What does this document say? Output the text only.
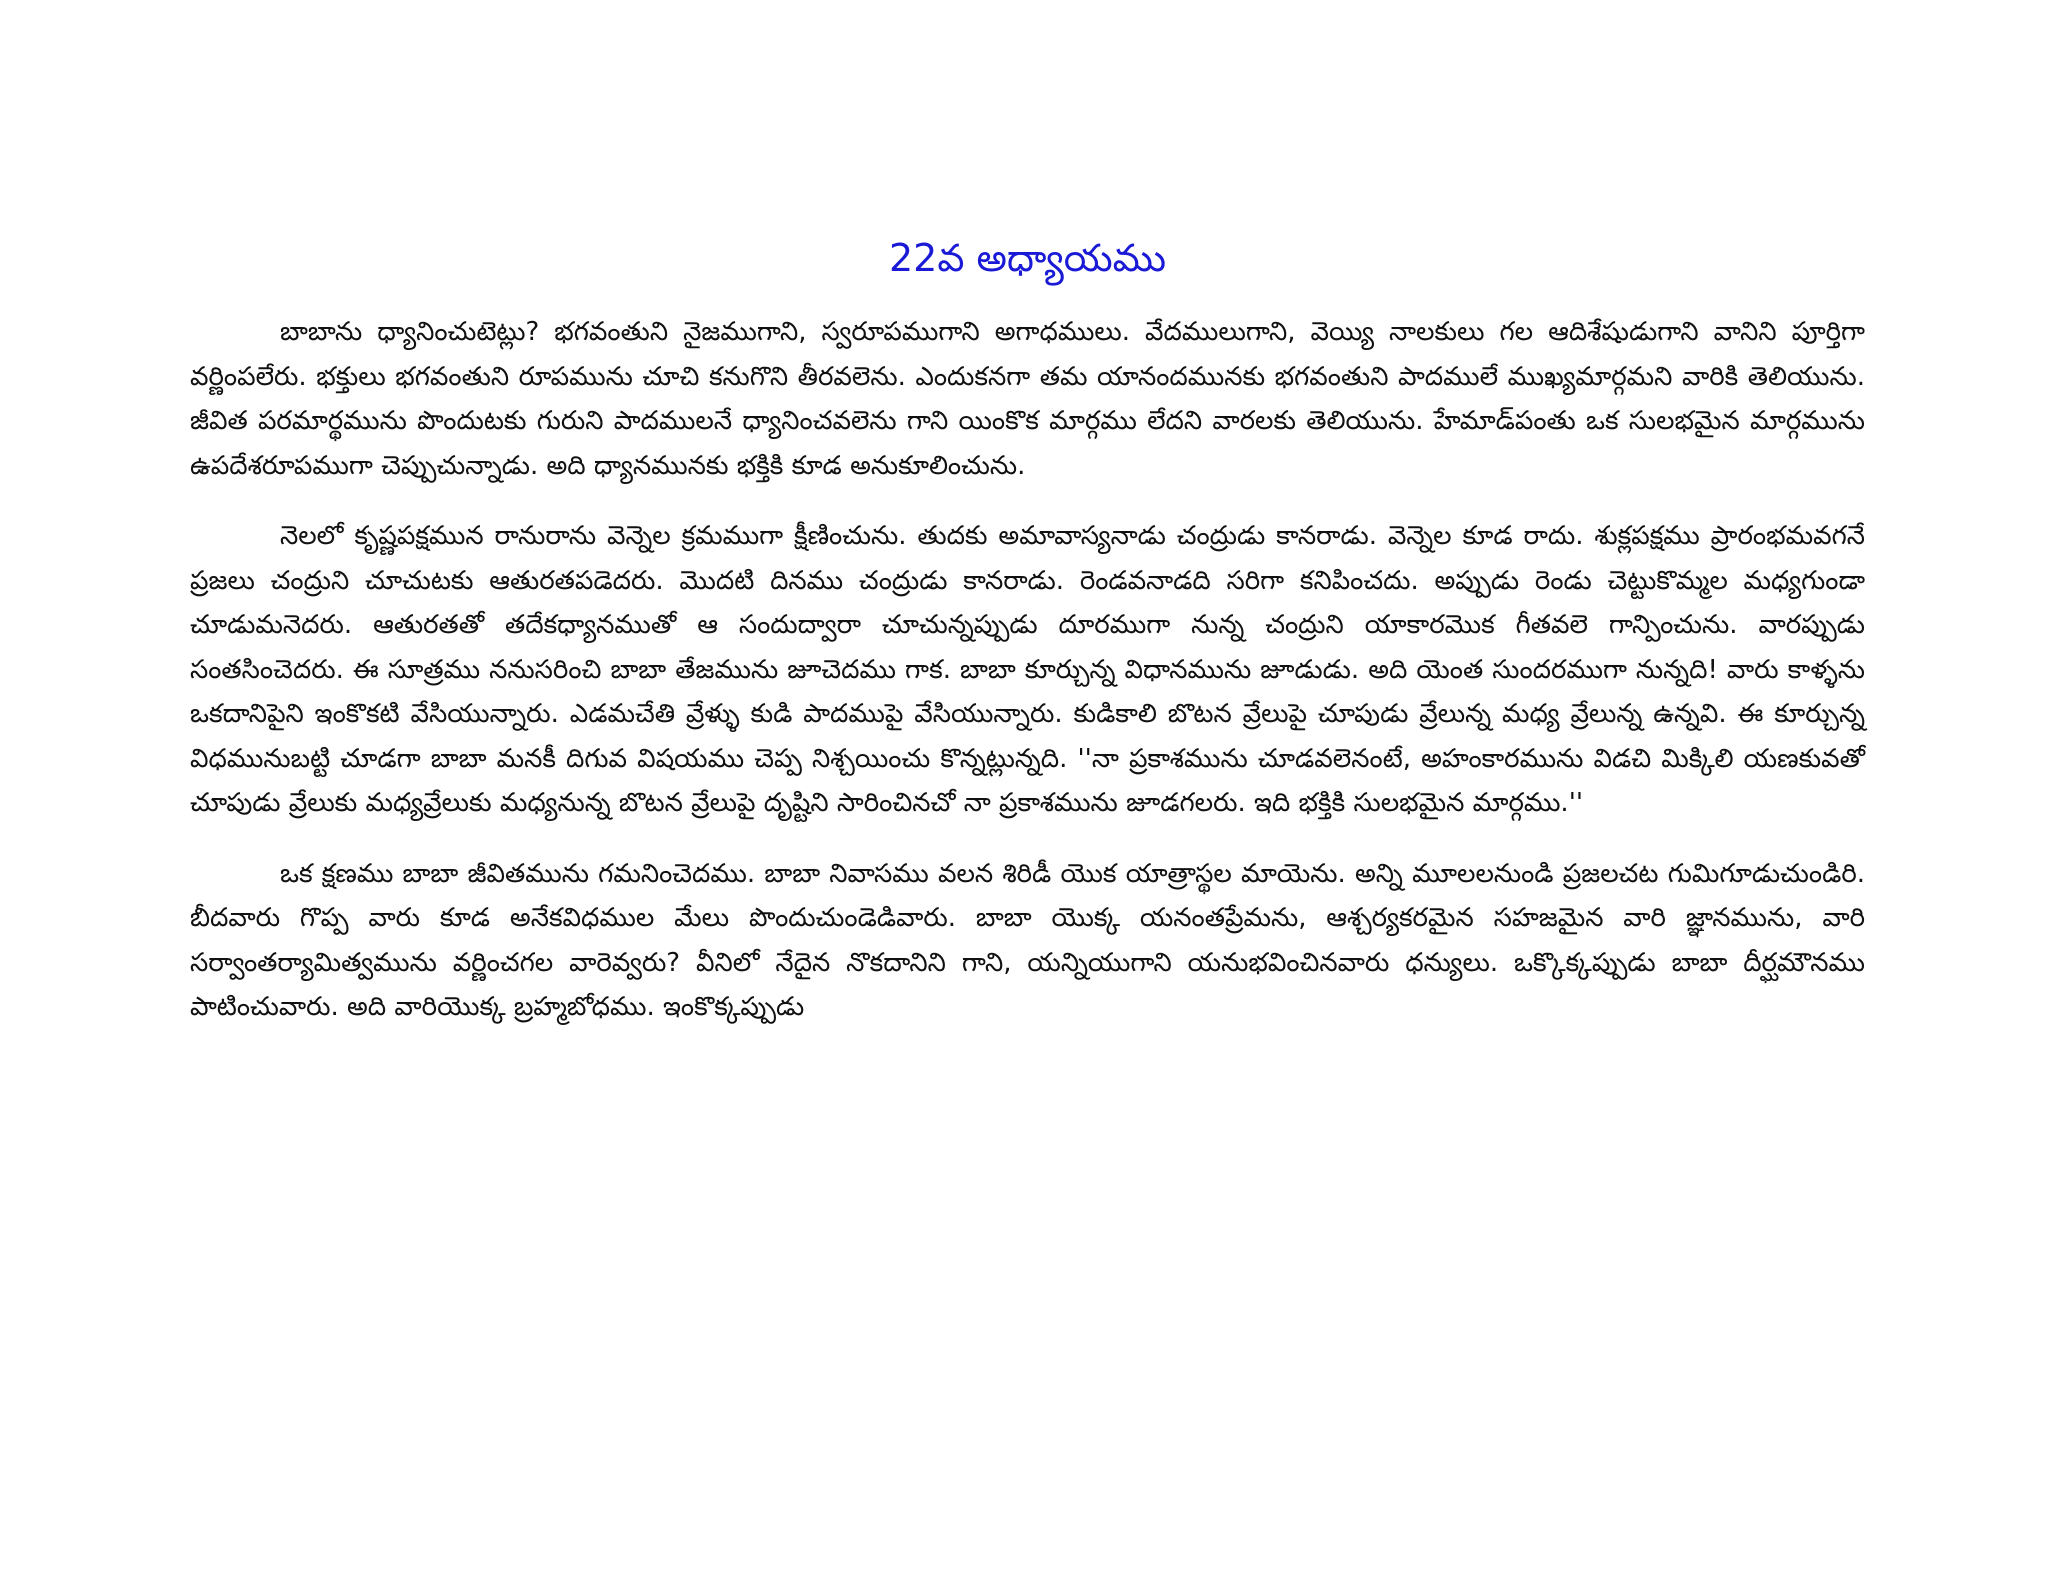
22వ అధ్యాయము

బాబాను ధ్యానించుటెట్లు? భగవంతుని నైజముగాని, స్వరూపముగాని అగాధములు. వేదములుగాని, వెయ్యి నాలకులు గల ఆదిశేషుడుగాని వానిని పూర్తిగా వర్ణింపలేరు. భక్తులు భగవంతుని రూపమును చూచి కనుగొని తీరవలెను. ఎందుకనగా తమ యానందమునకు భగవంతుని పాదములే ముఖ్యమార్గమని వారికి తెలియును. జీవిత పరమార్థమును పొందుటకు గురుని పాదములనే ధ్యానించవలెను గాని యింకొక మార్గము లేదని వారలకు తెలియును. హేమాడ్‌పంతు ఒక సులభమైన మార్గమును ఉపదేశరూపముగా చెప్పుచున్నాడు. అది ధ్యానమునకు భక్తికి కూడ అనుకూలించును.

నెలలో కృష్ణపక్షమున రానురాను వెన్నెల క్రమముగా క్షీణించును. తుదకు అమావాస్యనాడు చంద్రుడు కానరాడు. వెన్నెల కూడ రాదు. శుక్లపక్షము ప్రారంభమవగనే ప్రజలు చంద్రుని చూచుటకు ఆతురతపడెదరు. మొదటి దినము చంద్రుడు కానరాడు. రెండవనాడది సరిగా కనిపించదు. అప్పుడు రెండు చెట్టుకొమ్మల మధ్యగుండా చూడుమనెదరు. ఆతురతతో తదేకధ్యానముతో ఆ సందుద్వారా చూచున్నప్పుడు దూరముగా నున్న చంద్రుని యాకారమొక గీతవలె గాన్పించును. వారప్పుడు సంతసించెదరు. ఈ సూత్రము ననుసరించి బాబా తేజమును జూచెదము గాక. బాబా కూర్చున్న విధానమును జూడుడు. అది యెంత సుందరముగా నున్నది! వారు కాళ్ళను ఒకదానిపైని ఇంకొకటి వేసియున్నారు. ఎడమచేతి వ్రేళ్ళు కుడి పాదముపై వేసియున్నారు. కుడికాలి బొటన వ్రేలుపై చూపుడు వ్రేలున్న మధ్య వ్రేలున్న ఉన్నవి. ఈ కూర్చున్న విధమునుబట్టి చూడగా బాబా మనకీ దిగువ విషయము చెప్ప నిశ్చయించు కొన్నట్లున్నది. ''నా ప్రకాశమును చూడవలెనంటే, అహంకారమును విడచి మిక్కిలి యణకువతో చూపుడు వ్రేలుకు మధ్యవ్రేలుకు మధ్యనున్న బొటన వ్రేలుపై దృష్టిని సారించినచో నా ప్రకాశమును జూడగలరు. ఇది భక్తికి సులభమైన మార్గము.''

ఒక క్షణము బాబా జీవితమును గమనించెదము. బాబా నివాసము వలన శిరిడీ యొక యాత్రాస్థల మాయెను. అన్ని మూలలనుండి ప్రజలచట గుమిగూడుచుండిరి. బీదవారు గొప్ప వారు కూడ అనేకవిధముల మేలు పొందుచుండెడివారు. బాబా యొక్క యనంతప్రేమను, ఆశ్చర్యకరమైన సహజమైన వారి జ్ఞానమును, వారి సర్వాంతర్యామిత్వమును వర్ణించగల వారెవ్వరు? వీనిలో నేదైన నొకదానిని గాని, యన్నియుగాని యనుభవించినవారు ధన్యులు. ఒక్కొక్కప్పుడు బాబా దీర్ఘమౌనము పాటించువారు. అది వారియొక్క బ్రహ్మబోధము. ఇంకొక్కప్పుడు
